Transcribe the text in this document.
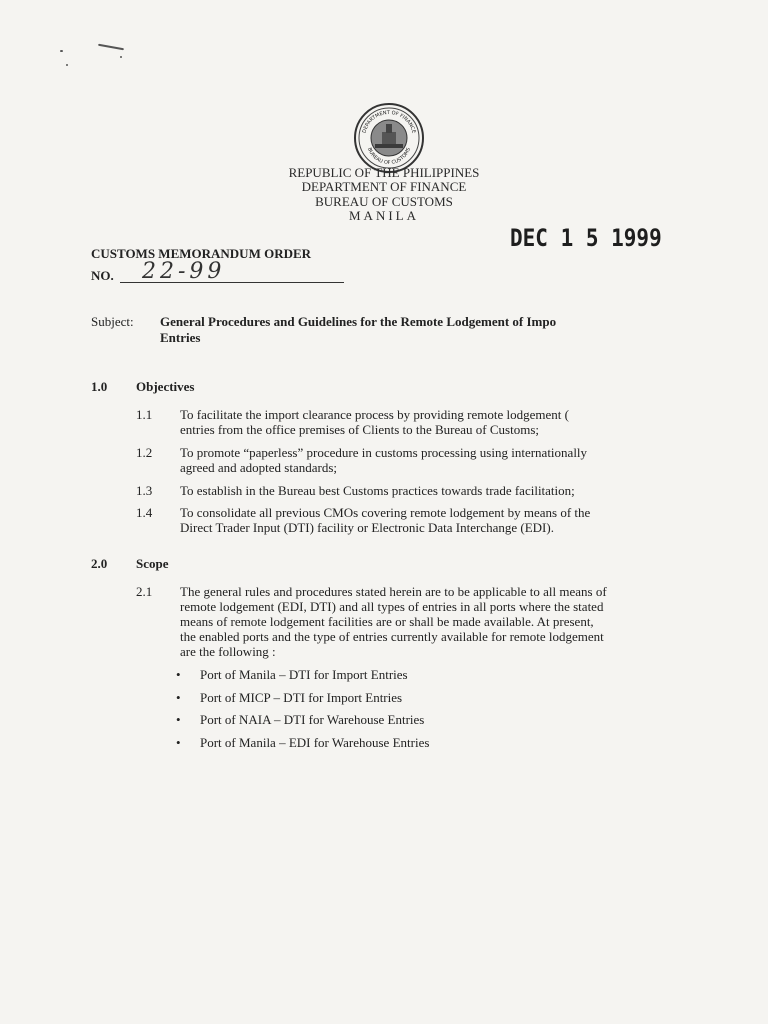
DEPARTMENT OF FINANCE
BUREAU OF CUSTOMS
REPUBLIC OF THE PHILIPPINES
DEPARTMENT OF FINANCE
BUREAU OF CUSTOMS
MANILA
DEC 1 5 1999
CUSTOMS MEMORANDUM ORDER
NO. 22-99
Subject: General Procedures and Guidelines for the Remote Lodgement of Impo
Entries
1.0 Objectives
1.1 To facilitate the import clearance process by providing remote lodgement (
entries from the office premises of Clients to the Bureau of Customs;
1.2 To promote “paperless” procedure in customs processing using internationally
agreed and adopted standards;
1.3 To establish in the Bureau best Customs practices towards trade facilitation;
1.4 To consolidate all previous CMOs covering remote lodgement by means of the
Direct Trader Input (DTI) facility or Electronic Data Interchange (EDI).
2.0 Scope
2.1 The general rules and procedures stated herein are to be applicable to all means of
remote lodgement (EDI, DTI) and all types of entries in all ports where the stated
means of remote lodgement facilities are or shall be made available. At present,
the enabled ports and the type of entries currently available for remote lodgement
are the following :
• Port of Manila – DTI for Import Entries
• Port of MICP – DTI for Import Entries
• Port of NAIA – DTI for Warehouse Entries
• Port of Manila – EDI for Warehouse Entries
